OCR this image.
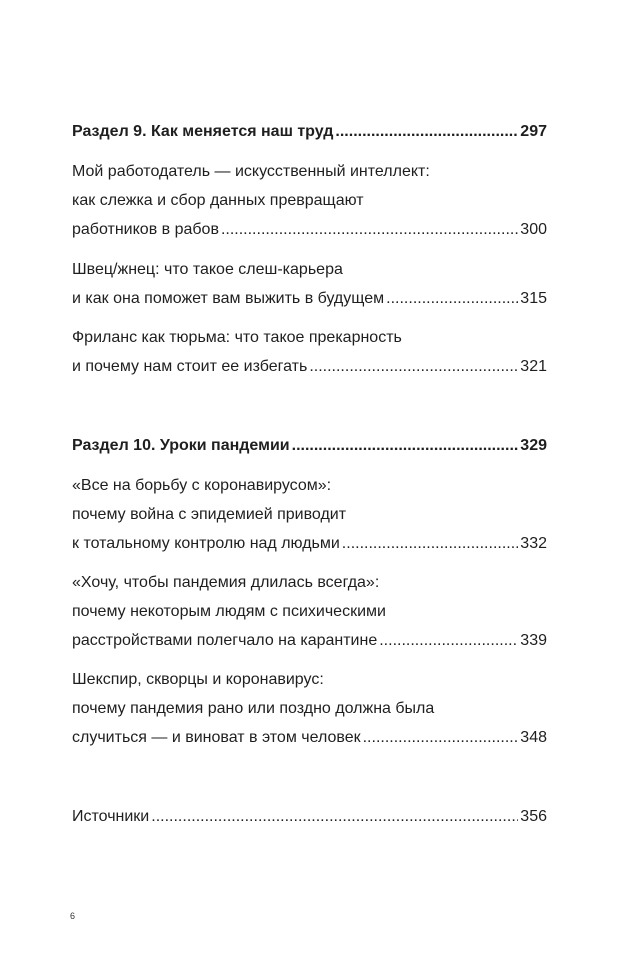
Раздел 9. Как меняется наш труд .....	297
Мой работодатель — искусственный интеллект:
как слежка и сбор данных превращают
работников в рабов .....	300
Швец/жнец: что такое слеш-карьера
и как она поможет вам выжить в будущем .....	315
Фриланс как тюрьма: что такое прекарность
и почему нам стоит ее избегать .....	321
Раздел 10. Уроки пандемии .....	329
«Все на борьбу с коронавирусом»:
почему война с эпидемией приводит
к тотальному контролю над людьми .....	332
«Хочу, чтобы пандемия длилась всегда»:
почему некоторым людям с психическими
расстройствами полегчало на карантине .....	339
Шекспир, скворцы и коронавирус:
почему пандемия рано или поздно должна была
случиться — и виноват в этом человек .....	348
Источники .....	356
6
